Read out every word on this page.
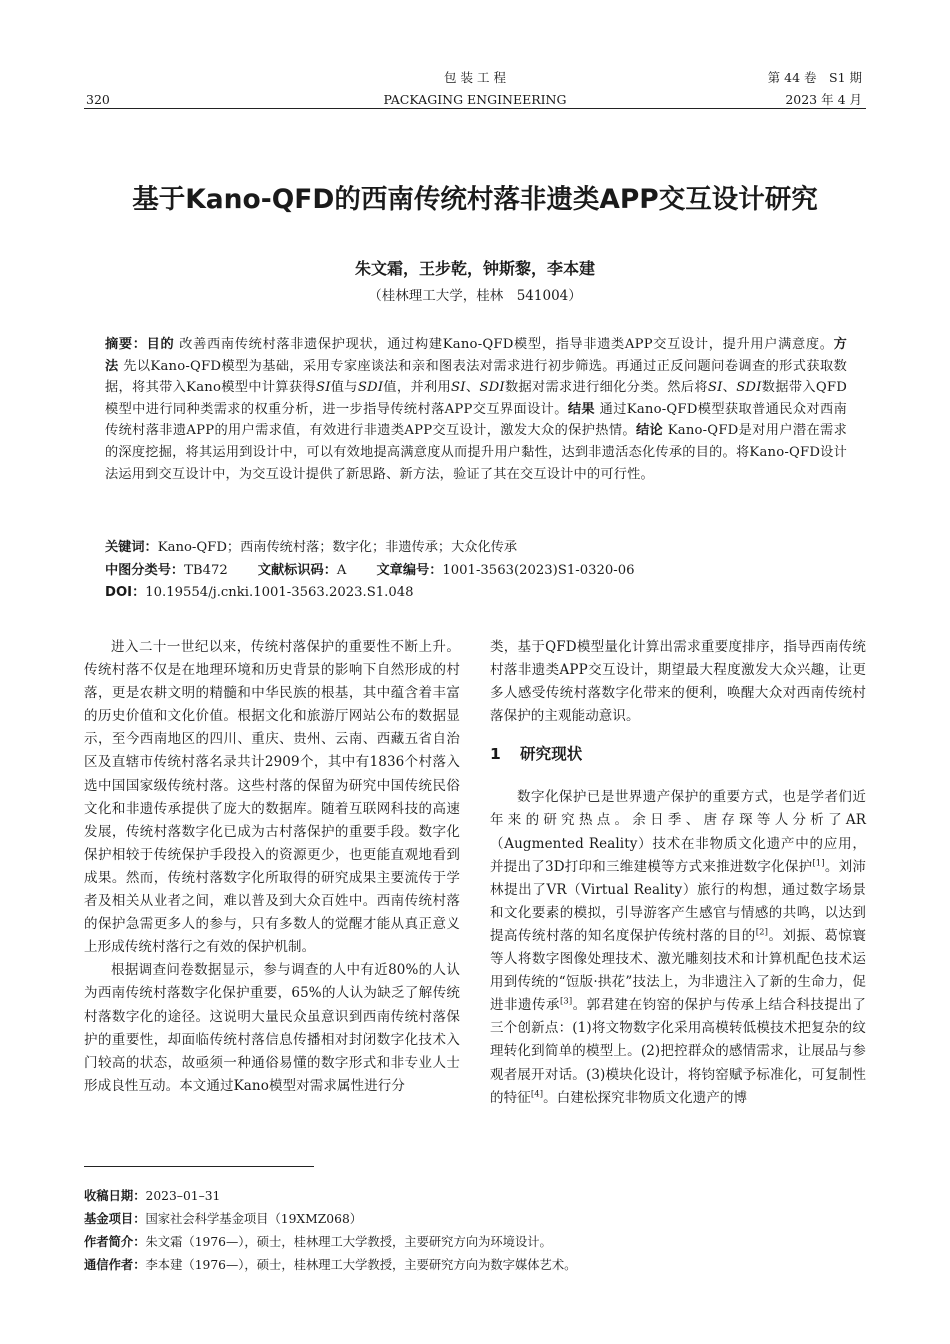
包 装 工 程
PACKAGING ENGINEERING
320
第 44 卷　S1 期
2023 年 4 月
基于Kano-QFD的西南传统村落非遗类APP交互设计研究
朱文霜，王步乾，钟斯黎，李本建
（桂林理工大学，桂林　541004）
摘要：目的 改善西南传统村落非遗保护现状，通过构建Kano-QFD模型，指导非遗类APP交互设计，提升用户满意度。方法 先以Kano-QFD模型为基础，采用专家座谈法和亲和图表法对需求进行初步筛选。再通过正反问题问卷调查的形式获取数据，将其带入Kano模型中计算获得SI值与SDI值，并利用SI、SDI数据对需求进行细化分类。然后将SI、SDI数据带入QFD模型中进行同种类需求的权重分析，进一步指导传统村落APP交互界面设计。结果 通过Kano-QFD模型获取普通民众对西南传统村落非遗APP的用户需求值，有效进行非遗类APP交互设计，激发大众的保护热情。结论 Kano-QFD是对用户潜在需求的深度挖掘，将其运用到设计中，可以有效地提高满意度从而提升用户黏性，达到非遗活态化传承的目的。将Kano-QFD设计法运用到交互设计中，为交互设计提供了新思路、新方法，验证了其在交互设计中的可行性。
关键词：Kano-QFD；西南传统村落；数字化；非遗传承；大众化传承
中图分类号：TB472 文献标识码：A 文章编号：1001-3563(2023)S1-0320-06
DOI：10.19554/j.cnki.1001-3563.2023.S1.048

进入二十一世纪以来，传统村落保护的重要性不断上升。传统村落不仅是在地理环境和历史背景的影响下自然形成的村落，更是农耕文明的精髓和中华民族的根基，其中蕴含着丰富的历史价值和文化价值。根据文化和旅游厅网站公布的数据显示，至今西南地区的四川、重庆、贵州、云南、西藏五省自治区及直辖市传统村落名录共计2909个，其中有1836个村落入选中国国家级传统村落。这些村落的保留为研究中国传统民俗文化和非遗传承提供了庞大的数据库。随着互联网科技的高速发展，传统村落数字化已成为古村落保护的重要手段。数字化保护相较于传统保护手段投入的资源更少，也更能直观地看到成果。然而，传统村落数字化所取得的研究成果主要流传于学者及相关从业者之间，难以普及到大众百姓中。西南传统村落的保护急需更多人的参与，只有多数人的觉醒才能从真正意义上形成传统村落行之有效的保护机制。

根据调查问卷数据显示，参与调查的人中有近80%的人认为西南传统村落数字化保护重要，65%的人认为缺乏了解传统村落数字化的途径。这说明大量民众虽意识到西南传统村落保护的重要性，却面临传统村落信息传播相对封闭数字化技术入门较高的状态，故亟须一种通俗易懂的数字形式和非专业人士形成良性互动。本文通过Kano模型对需求属性进行分

类，基于QFD模型量化计算出需求重要度排序，指导西南传统村落非遗类APP交互设计，期望最大程度激发大众兴趣，让更多人感受传统村落数字化带来的便利，唤醒大众对西南传统村落保护的主观能动意识。

1 研究现状

数字化保护已是世界遗产保护的重要方式，也是学者们近年来的研究热点。余日季、唐存琛等人分析了AR（Augmented Reality）技术在非物质文化遗产中的应用，并提出了3D打印和三维建模等方式来推进数字化保护[1]。刘沛林提出了VR（Virtual Reality）旅行的构想，通过数字场景和文化要素的模拟，引导游客产生感官与情感的共鸣，以达到提高传统村落的知名度保护传统村落的目的[2]。刘振、葛惊寰等人将数字图像处理技术、激光雕刻技术和计算机配色技术运用到传统的“饾版·拱花”技法上，为非遗注入了新的生命力，促进非遗传承[3]。郭君建在钧窑的保护与传承上结合科技提出了三个创新点：(1)将文物数字化采用高模转低模技术把复杂的纹理转化到简单的模型上。(2)把控群众的感情需求，让展品与参观者展开对话。(3)模块化设计，将钧窑赋予标准化，可复制性的特征[4]。白建松探究非物质文化遗产的博

收稿日期：2023–01–31
基金项目：国家社会科学基金项目（19XMZ068）
作者简介：朱文霜（1976—），硕士，桂林理工大学教授，主要研究方向为环境设计。
通信作者：李本建（1976—），硕士，桂林理工大学教授，主要研究方向为数字媒体艺术。
